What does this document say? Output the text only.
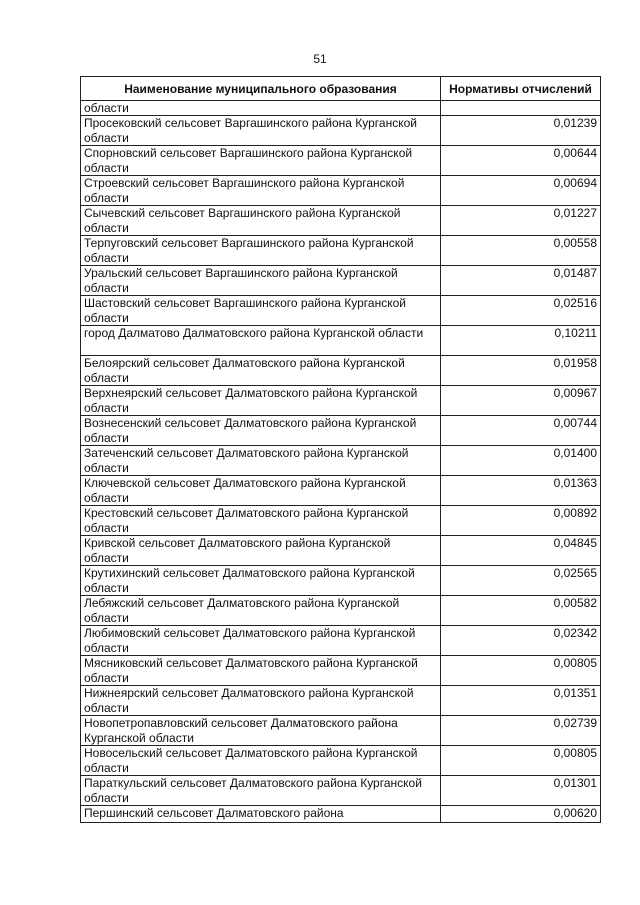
51
Наименование муниципального образования	Нормативы отчислений
области	
Просековский сельсовет Варгашинского района Курганской области	0,01239
Спорновский сельсовет Варгашинского района Курганской области	0,00644
Строевский сельсовет Варгашинского района Курганской области	0,00694
Сычевский сельсовет Варгашинского района Курганской области	0,01227
Терпуговский сельсовет Варгашинского района Курганской области	0,00558
Уральский сельсовет Варгашинского района Курганской области	0,01487
Шастовский сельсовет Варгашинского района Курганской области	0,02516
город Далматово Далматовского района Курганской области	0,10211
Белоярский сельсовет Далматовского района Курганской области	0,01958
Верхнеярский сельсовет Далматовского района Курганской области	0,00967
Вознесенский сельсовет Далматовского района Курганской области	0,00744
Затеченский сельсовет Далматовского района Курганской области	0,01400
Ключевской сельсовет Далматовского района Курганской области	0,01363
Крестовский сельсовет Далматовского района Курганской области	0,00892
Кривской сельсовет Далматовского района Курганской области	0,04845
Крутихинский сельсовет Далматовского района Курганской области	0,02565
Лебяжский сельсовет Далматовского района Курганской области	0,00582
Любимовский сельсовет Далматовского района Курганской области	0,02342
Мясниковский сельсовет Далматовского района Курганской области	0,00805
Нижнеярский сельсовет Далматовского района Курганской области	0,01351
Новопетропавловский сельсовет Далматовского района Курганской области	0,02739
Новосельский сельсовет Далматовского района Курганской области	0,00805
Параткульский сельсовет Далматовского района Курганской области	0,01301
Першинский сельсовет Далматовского района	0,00620
